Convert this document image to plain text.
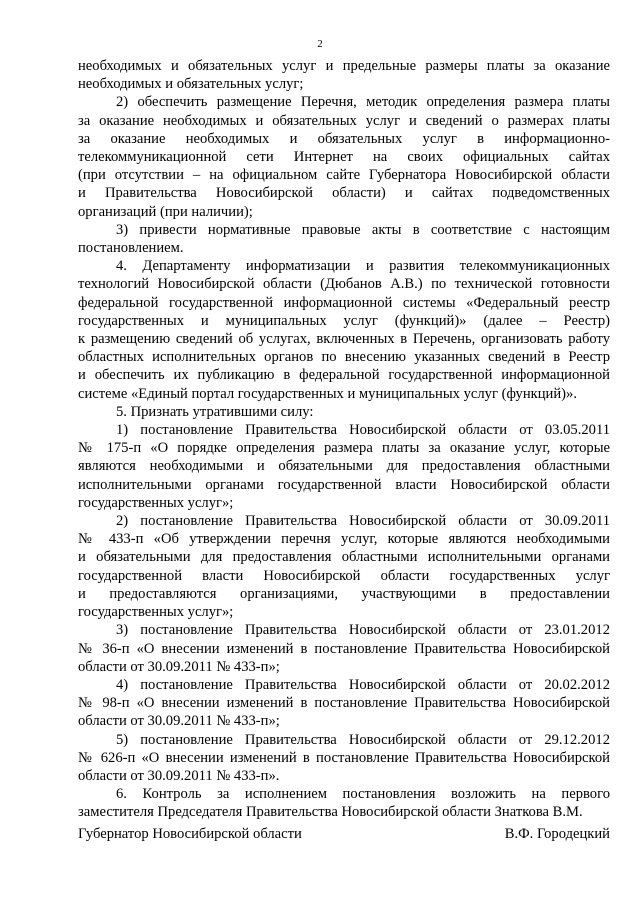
2
необходимых и обязательных услуг и предельные размеры платы за оказание
необходимых и обязательных услуг;
2) обеспечить размещение Перечня, методик определения размера платы
за оказание необходимых и обязательных услуг и сведений о размерах платы
за оказание необходимых и обязательных услуг в информационно-
телекоммуникационной сети Интернет на своих официальных сайтах
(при отсутствии – на официальном сайте Губернатора Новосибирской области
и Правительства Новосибирской области) и сайтах подведомственных
организаций (при наличии);
3) привести нормативные правовые акты в соответствие с настоящим
постановлением.
4. Департаменту информатизации и развития телекоммуникационных
технологий Новосибирской области (Дюбанов А.В.) по технической готовности
федеральной государственной информационной системы «Федеральный реестр
государственных и муниципальных услуг (функций)» (далее – Реестр)
к размещению сведений об услугах, включенных в Перечень, организовать работу
областных исполнительных органов по внесению указанных сведений в Реестр
и обеспечить их публикацию в федеральной государственной информационной
системе «Единый портал государственных и муниципальных услуг (функций)».
5. Признать утратившими силу:
1) постановление Правительства Новосибирской области от 03.05.2011
№ 175-п «О порядке определения размера платы за оказание услуг, которые
являются необходимыми и обязательными для предоставления областными
исполнительными органами государственной власти Новосибирской области
государственных услуг»;
2) постановление Правительства Новосибирской области от 30.09.2011
№ 433-п «Об утверждении перечня услуг, которые являются необходимыми
и обязательными для предоставления областными исполнительными органами
государственной власти Новосибирской области государственных услуг
и предоставляются организациями, участвующими в предоставлении
государственных услуг»;
3) постановление Правительства Новосибирской области от 23.01.2012
№ 36-п «О внесении изменений в постановление Правительства Новосибирской
области от 30.09.2011 № 433-п»;
4) постановление Правительства Новосибирской области от 20.02.2012
№ 98-п «О внесении изменений в постановление Правительства Новосибирской
области от 30.09.2011 № 433-п»;
5) постановление Правительства Новосибирской области от 29.12.2012
№ 626-п «О внесении изменений в постановление Правительства Новосибирской
области от 30.09.2011 № 433-п».
6. Контроль за исполнением постановления возложить на первого
заместителя Председателя Правительства Новосибирской области Знаткова В.М.
Губернатор Новосибирской области	В.Ф. Городецкий
